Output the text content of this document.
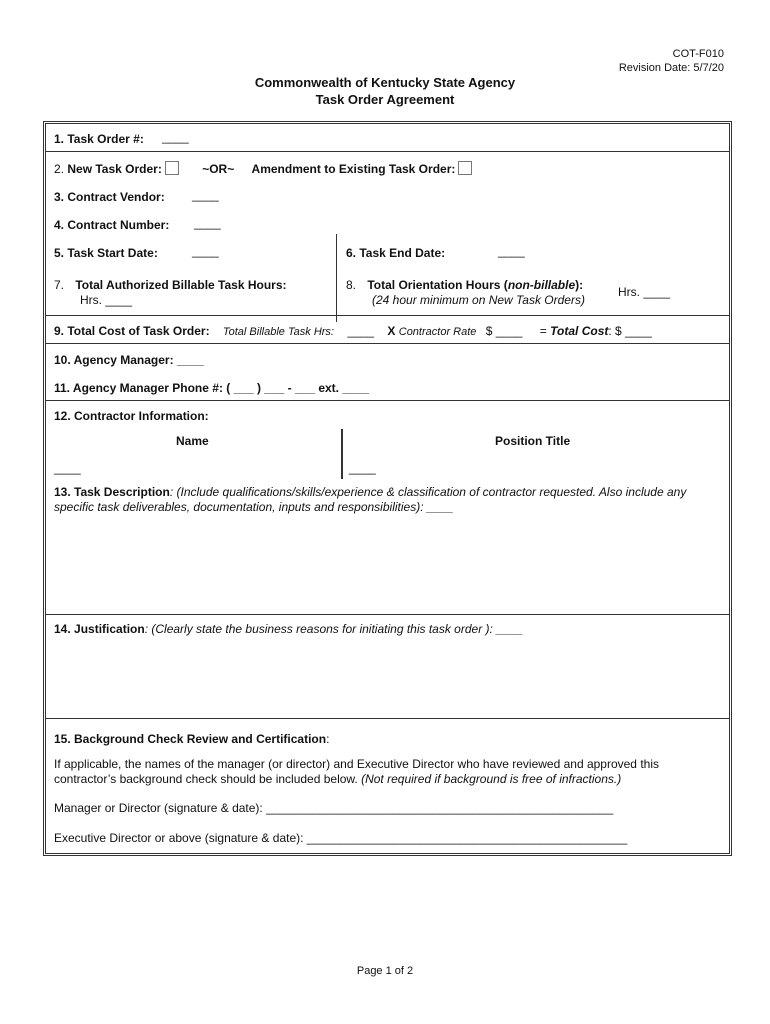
COT-F010
Revision Date: 5/7/20
Commonwealth of Kentucky State Agency
Task Order Agreement
1. Task Order #: ____
2. New Task Order:	~OR~ Amendment to Existing Task Order:
3. Contract Vendor: ____
4. Contract Number: ____
5. Task Start Date:	____	6. Task End Date:	____
7. Total Authorized Billable Task Hours:
Hrs. ____
8. Total Orientation Hours (non-billable):
(24 hour minimum on New Task Orders)
Hrs. ____
9. Total Cost of Task Order: Total Billable Task Hrs: ____ X Contractor Rate $ ____ = Total Cost: $ ____
10. Agency Manager: ____
11. Agency Manager Phone #: ( ___ ) ___ - ___ ext. ____
12. Contractor Information:
Name	Position Title
____	____
13. Task Description: (Include qualifications/skills/experience & classification of contractor requested. Also include any specific task deliverables, documentation, inputs and responsibilities): ____
14. Justification: (Clearly state the business reasons for initiating this task order ): ____
15. Background Check Review and Certification:
If applicable, the names of the manager (or director) and Executive Director who have reviewed and approved this contractor’s background check should be included below. (Not required if background is free of infractions.)
Manager or Director (signature & date): ____________________________________________________
Executive Director or above (signature & date): ________________________________________________
Page 1 of 2
